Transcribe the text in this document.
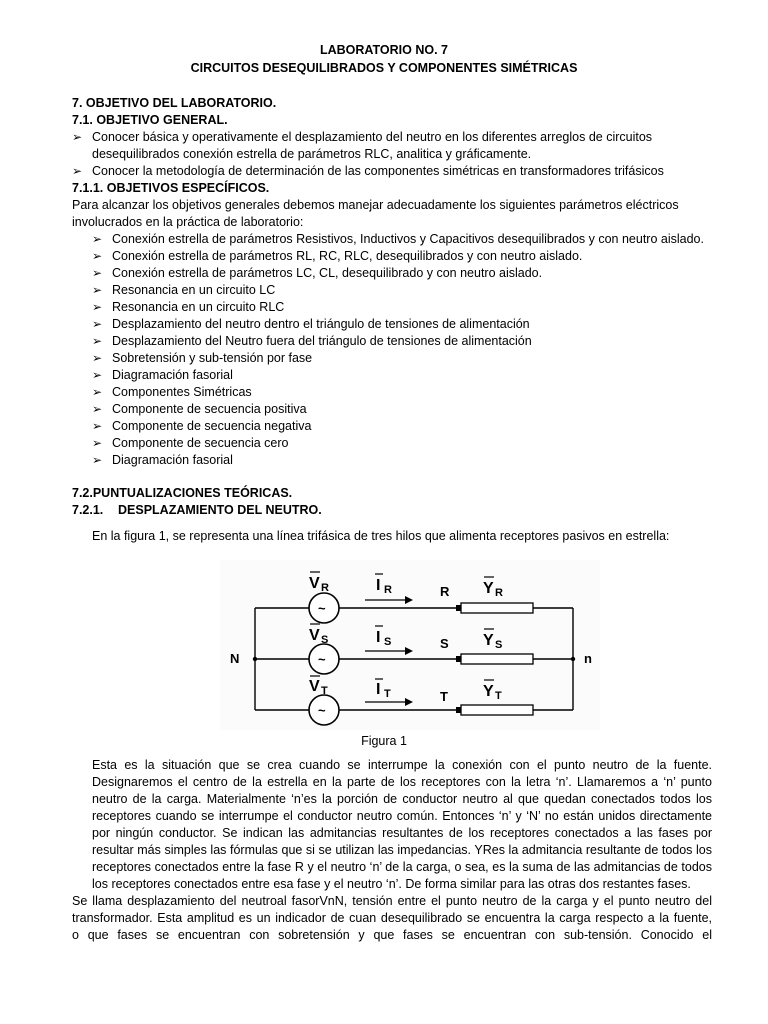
LABORATORIO NO. 7
CIRCUITOS DESEQUILIBRADOS Y COMPONENTES SIMÉTRICAS
7. OBJETIVO DEL LABORATORIO.
7.1. OBJETIVO GENERAL.
➢ Conocer básica y operativamente el desplazamiento del neutro en los diferentes arreglos de circuitos
desequilibrados conexión estrella de parámetros RLC, analitica y gráficamente.
➢ Conocer la metodología de determinación de las componentes simétricas en transformadores trifásicos
7.1.1. OBJETIVOS ESPECÍFICOS.
Para alcanzar los objetivos generales debemos manejar adecuadamente los siguientes parámetros eléctricos
involucrados en la práctica de laboratorio:
➢ Conexión estrella de parámetros Resistivos, Inductivos y Capacitivos desequilibrados y con neutro aislado.
➢ Conexión estrella de parámetros RL, RC, RLC, desequilibrados y con neutro aislado.
➢ Conexión estrella de parámetros LC, CL, desequilibrado y con neutro aislado.
➢ Resonancia en un circuito LC
➢ Resonancia en un circuito RLC
➢ Desplazamiento del neutro dentro el triángulo de tensiones de alimentación
➢ Desplazamiento del Neutro fuera del triángulo de tensiones de alimentación
➢ Sobretensión y sub-tensión por fase
➢ Diagramación fasorial
➢ Componentes Simétricas
➢ Componente de secuencia positiva
➢ Componente de secuencia negativa
➢ Componente de secuencia cero
➢ Diagramación fasorial
7.2.PUNTUALIZACIONES TEÓRICAS.
7.2.1. DESPLAZAMIENTO DEL NEUTRO.
En la figura 1, se representa una línea trifásica de tres hilos que alimenta receptores pasivos en estrella:
N	n
~
~
~
V R
V S
V T
I R
I S
I T
R
S
T
Y R
Y S
Y T
Figura 1
Esta es la situación que se crea cuando se interrumpe la conexión con el punto neutro de la fuente.
Designaremos el centro de la estrella en la parte de los receptores con la letra ‘n’. Llamaremos a ‘n’ punto
neutro de la carga. Materialmente ‘n’es la porción de conductor neutro al que quedan conectados todos los
receptores cuando se interrumpe el conductor neutro común. Entonces ‘n’ y ‘N’ no están unidos directamente
por ningún conductor. Se indican las admitancias resultantes de los receptores conectados a las fases por
resultar más simples las fórmulas que si se utilizan las impedancias. YRes la admitancia resultante de todos los
receptores conectados entre la fase R y el neutro ‘n’ de la carga, o sea, es la suma de las admitancias de todos
los receptores conectados entre esa fase y el neutro ‘n’. De forma similar para las otras dos restantes fases.
Se llama desplazamiento del neutroal fasorVnN, tensión entre el punto neutro de la carga y el punto neutro del
transformador. Esta amplitud es un indicador de cuan desequilibrado se encuentra la carga respecto a la fuente,
o que fases se encuentran con sobretensión y que fases se encuentran con sub-tensión. Conocido el
